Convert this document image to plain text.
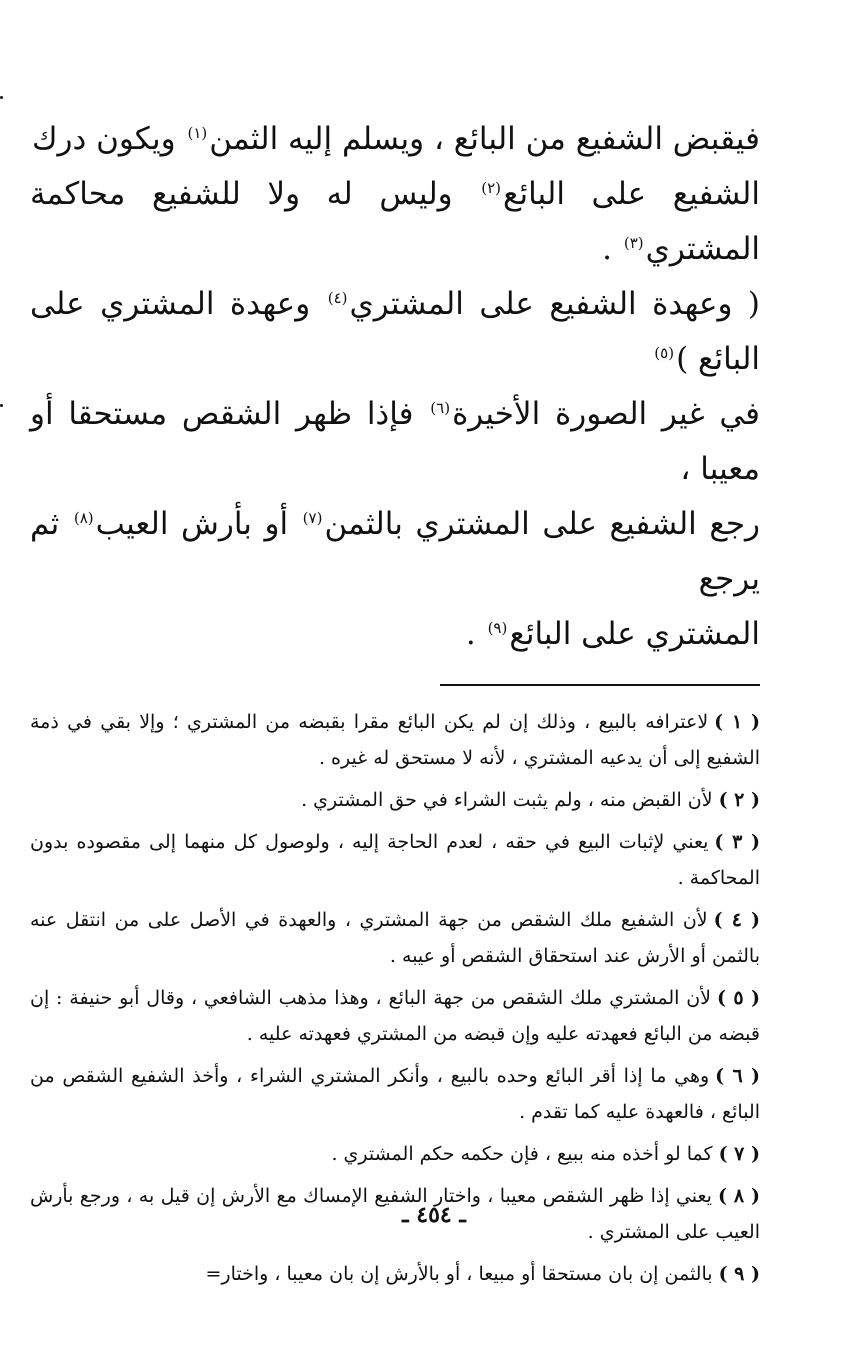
فيقبض الشفيع من البائع ، ويسلم إليه الثمن$^{(١)}$ ويكون درك
الشفيع على البائع$^{(٢)}$ وليس له ولا للشفيع محاكمة المشتري$^{(٣)}$ .
( وعهدة الشفيع على المشتري$^{(٤)}$ وعهدة المشتري على البائع )$^{(٥)}$
في غير الصورة الأخيرة$^{(٦)}$ فإذا ظهر الشقص مستحقا أو معيبا ،
رجع الشفيع على المشتري بالثمن$^{(٧)}$ أو بأرش العيب$^{(٨)}$ ثم يرجع
المشتري على البائع$^{(٩)}$ .
( ١ )لاعترافه بالبيع ، وذلك إن لم يكن البائع مقرا بقبضه من المشتري ؛ وإلا بقي في ذمة الشفيع إلى أن يدعيه المشتري ، لأنه لا مستحق له غيره .
( ٢ )لأن القبض منه ، ولم يثبت الشراء في حق المشتري .
( ٣ )يعني لإثبات البيع في حقه ، لعدم الحاجة إليه ، ولوصول كل منهما إلى مقصوده بدون المحاكمة .
( ٤ )لأن الشفيع ملك الشقص من جهة المشتري ، والعهدة في الأصل على من انتقل عنه بالثمن أو الأرش عند استحقاق الشقص أو عيبه .
( ٥ )لأن المشتري ملك الشقص من جهة البائع ، وهذا مذهب الشافعي ، وقال أبو حنيفة : إن قبضه من البائع فعهدته عليه وإن قبضه من المشتري فعهدته عليه .
( ٦ )وهي ما إذا أقر البائع وحده بالبيع ، وأنكر المشتري الشراء ، وأخذ الشفيع الشقص من البائع ، فالعهدة عليه كما تقدم .
( ٧ )كما لو أخذه منه ببيع ، فإن حكمه حكم المشتري .
( ٨ )يعني إذا ظهر الشقص معيبا ، واختار الشفيع الإمساك مع الأرش إن قيل به ، ورجع بأرش العيب على المشتري .
( ٩ )بالثمن إن بان مستحقا أو مبيعا ، أو بالأرش إن بان معيبا ، واختار=
ـ ٤٥٤ ـ
